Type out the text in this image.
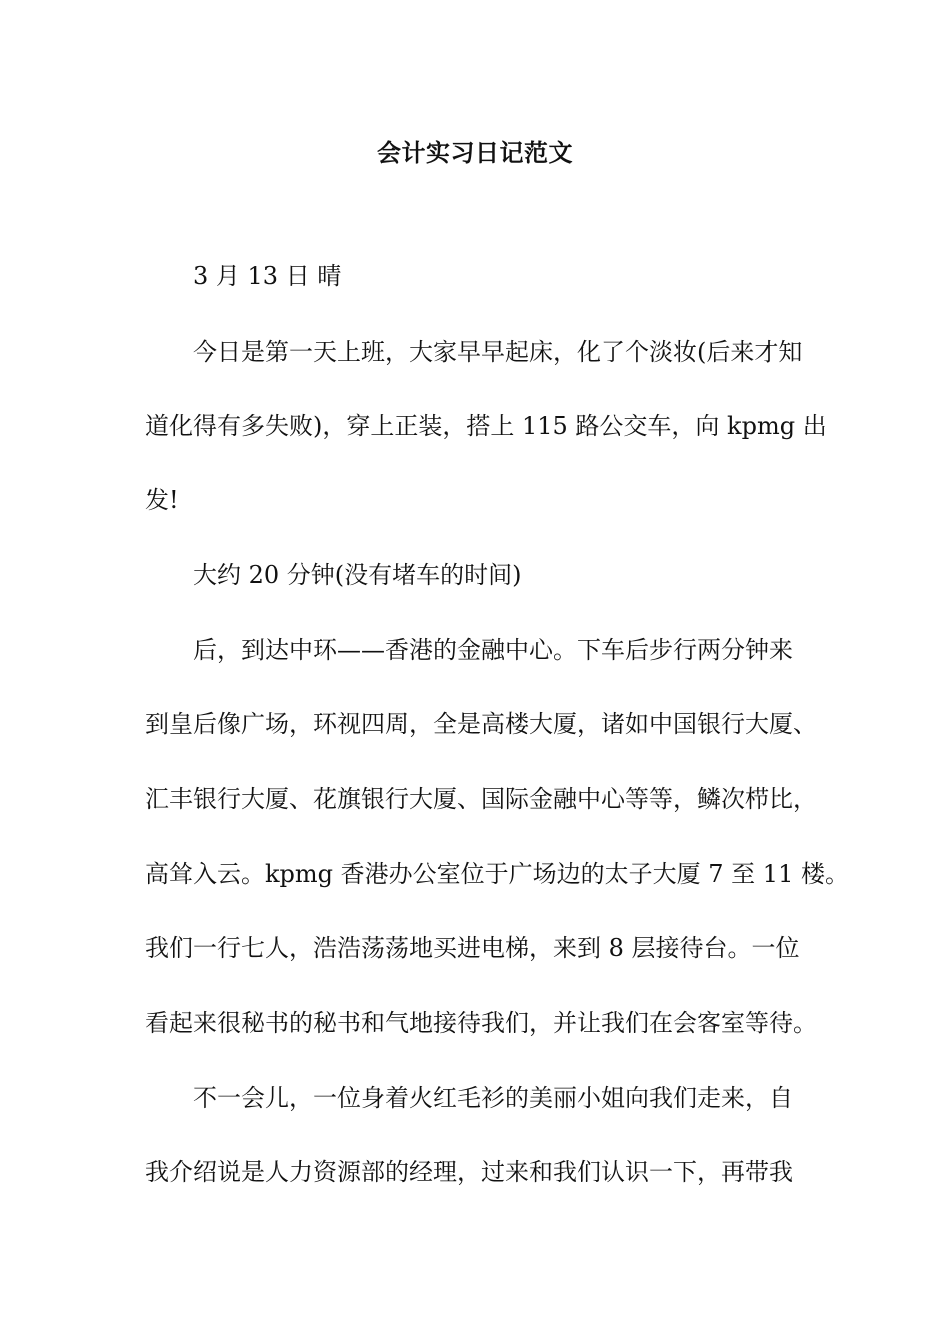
会计实习日记范文
3 月 13 日 晴
今日是第一天上班，大家早早起床，化了个淡妆(后来才知
道化得有多失败)，穿上正装，搭上 115 路公交车，向 kpmg 出
发!
大约 20 分钟(没有堵车的时间)
后，到达中环——香港的金融中心。下车后步行两分钟来
到皇后像广场，环视四周，全是高楼大厦，诸如中国银行大厦、
汇丰银行大厦、花旗银行大厦、国际金融中心等等，鳞次栉比，
高耸入云。kpmg 香港办公室位于广场边的太子大厦 7 至 11 楼。
我们一行七人，浩浩荡荡地买进电梯，来到 8 层接待台。一位
看起来很秘书的秘书和气地接待我们，并让我们在会客室等待。
不一会儿，一位身着火红毛衫的美丽小姐向我们走来，自
我介绍说是人力资源部的经理，过来和我们认识一下，再带我
